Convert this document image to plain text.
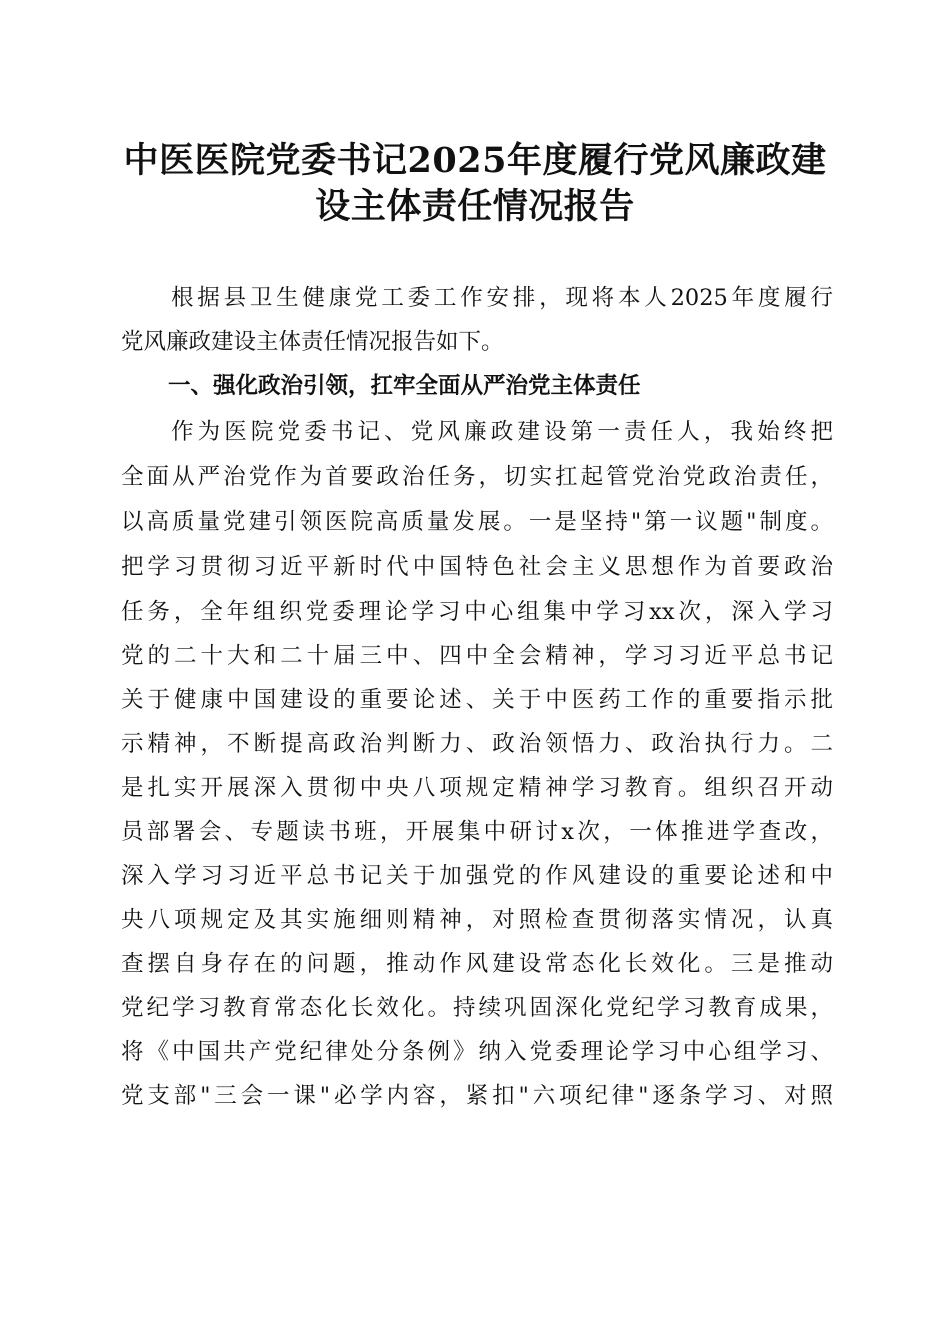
中医医院党委书记2025年度履行党风廉政建
设主体责任情况报告

根据县卫生健康党工委工作安排，现将本人2025年度履行

党风廉政建设主体责任情况报告如下。

一、强化政治引领，扛牢全面从严治党主体责任

作为医院党委书记、党风廉政建设第一责任人，我始终把

全面从严治党作为首要政治任务，切实扛起管党治党政治责任，

以高质量党建引领医院高质量发展。一是坚持"第一议题"制度。

把学习贯彻习近平新时代中国特色社会主义思想作为首要政治

任务，全年组织党委理论学习中心组集中学习xx次，深入学习

党的二十大和二十届三中、四中全会精神，学习习近平总书记

关于健康中国建设的重要论述、关于中医药工作的重要指示批

示精神，不断提高政治判断力、政治领悟力、政治执行力。二

是扎实开展深入贯彻中央八项规定精神学习教育。组织召开动

员部署会、专题读书班，开展集中研讨x次，一体推进学查改，

深入学习习近平总书记关于加强党的作风建设的重要论述和中

央八项规定及其实施细则精神，对照检查贯彻落实情况，认真

查摆自身存在的问题，推动作风建设常态化长效化。三是推动

党纪学习教育常态化长效化。持续巩固深化党纪学习教育成果，

将《中国共产党纪律处分条例》纳入党委理论学习中心组学习、

党支部"三会一课"必学内容，紧扣"六项纪律"逐条学习、对照
